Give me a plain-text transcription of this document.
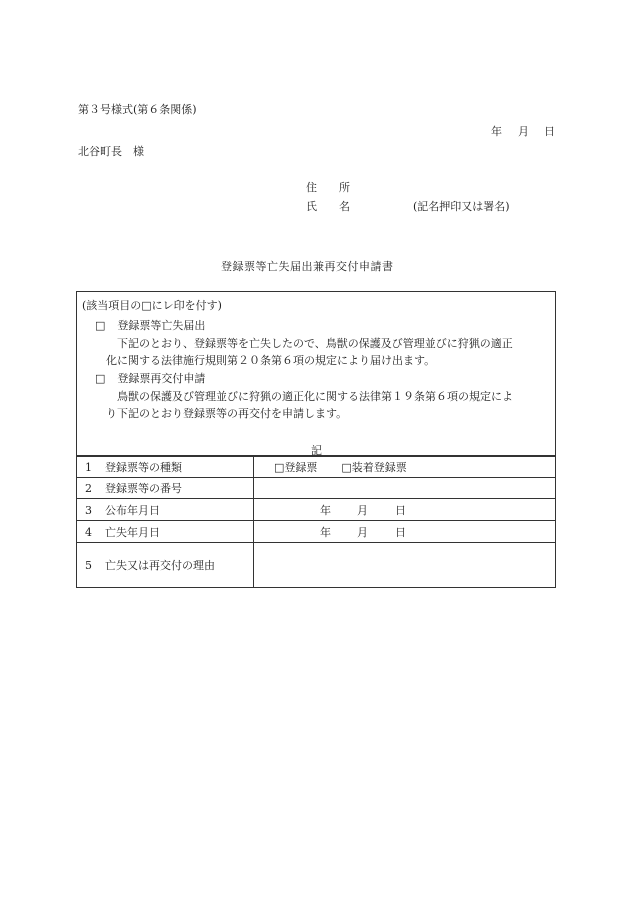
第３号様式(第６条関係)
年 月 日
北谷町長　様
住　　所
氏　　名	(記名押印又は署名)
登録票等亡失届出兼再交付申請書
(該当項目の□にレ印を付す)
□ 登録票等亡失届出
下記のとおり、登録票等を亡失したので、鳥獣の保護及び管理並びに狩猟の適正
化に関する法律施行規則第２０条第６項の規定により届け出ます。
□ 登録票再交付申請
鳥獣の保護及び管理並びに狩猟の適正化に関する法律第１９条第６項の規定によ
り下記のとおり登録票等の再交付を申請します。
記
1 登録票等の種類	□登録票 □装着登録票
2 登録票等の番号	
3 公布年月日	年 月 日
4 亡失年月日	年 月 日
5 亡失又は再交付の理由	
